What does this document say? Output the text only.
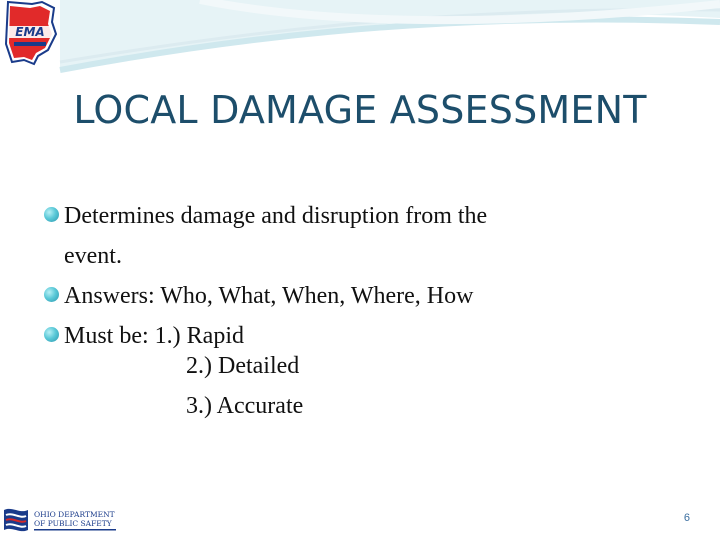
EMA
LOCAL DAMAGE ASSESSMENT
Determines damage and disruption from the
event.
Answers: Who, What, When, Where, How
Must be: 1.) Rapid
2.) Detailed
3.) Accurate
OHIO DEPARTMENT
OF PUBLIC SAFETY	6
